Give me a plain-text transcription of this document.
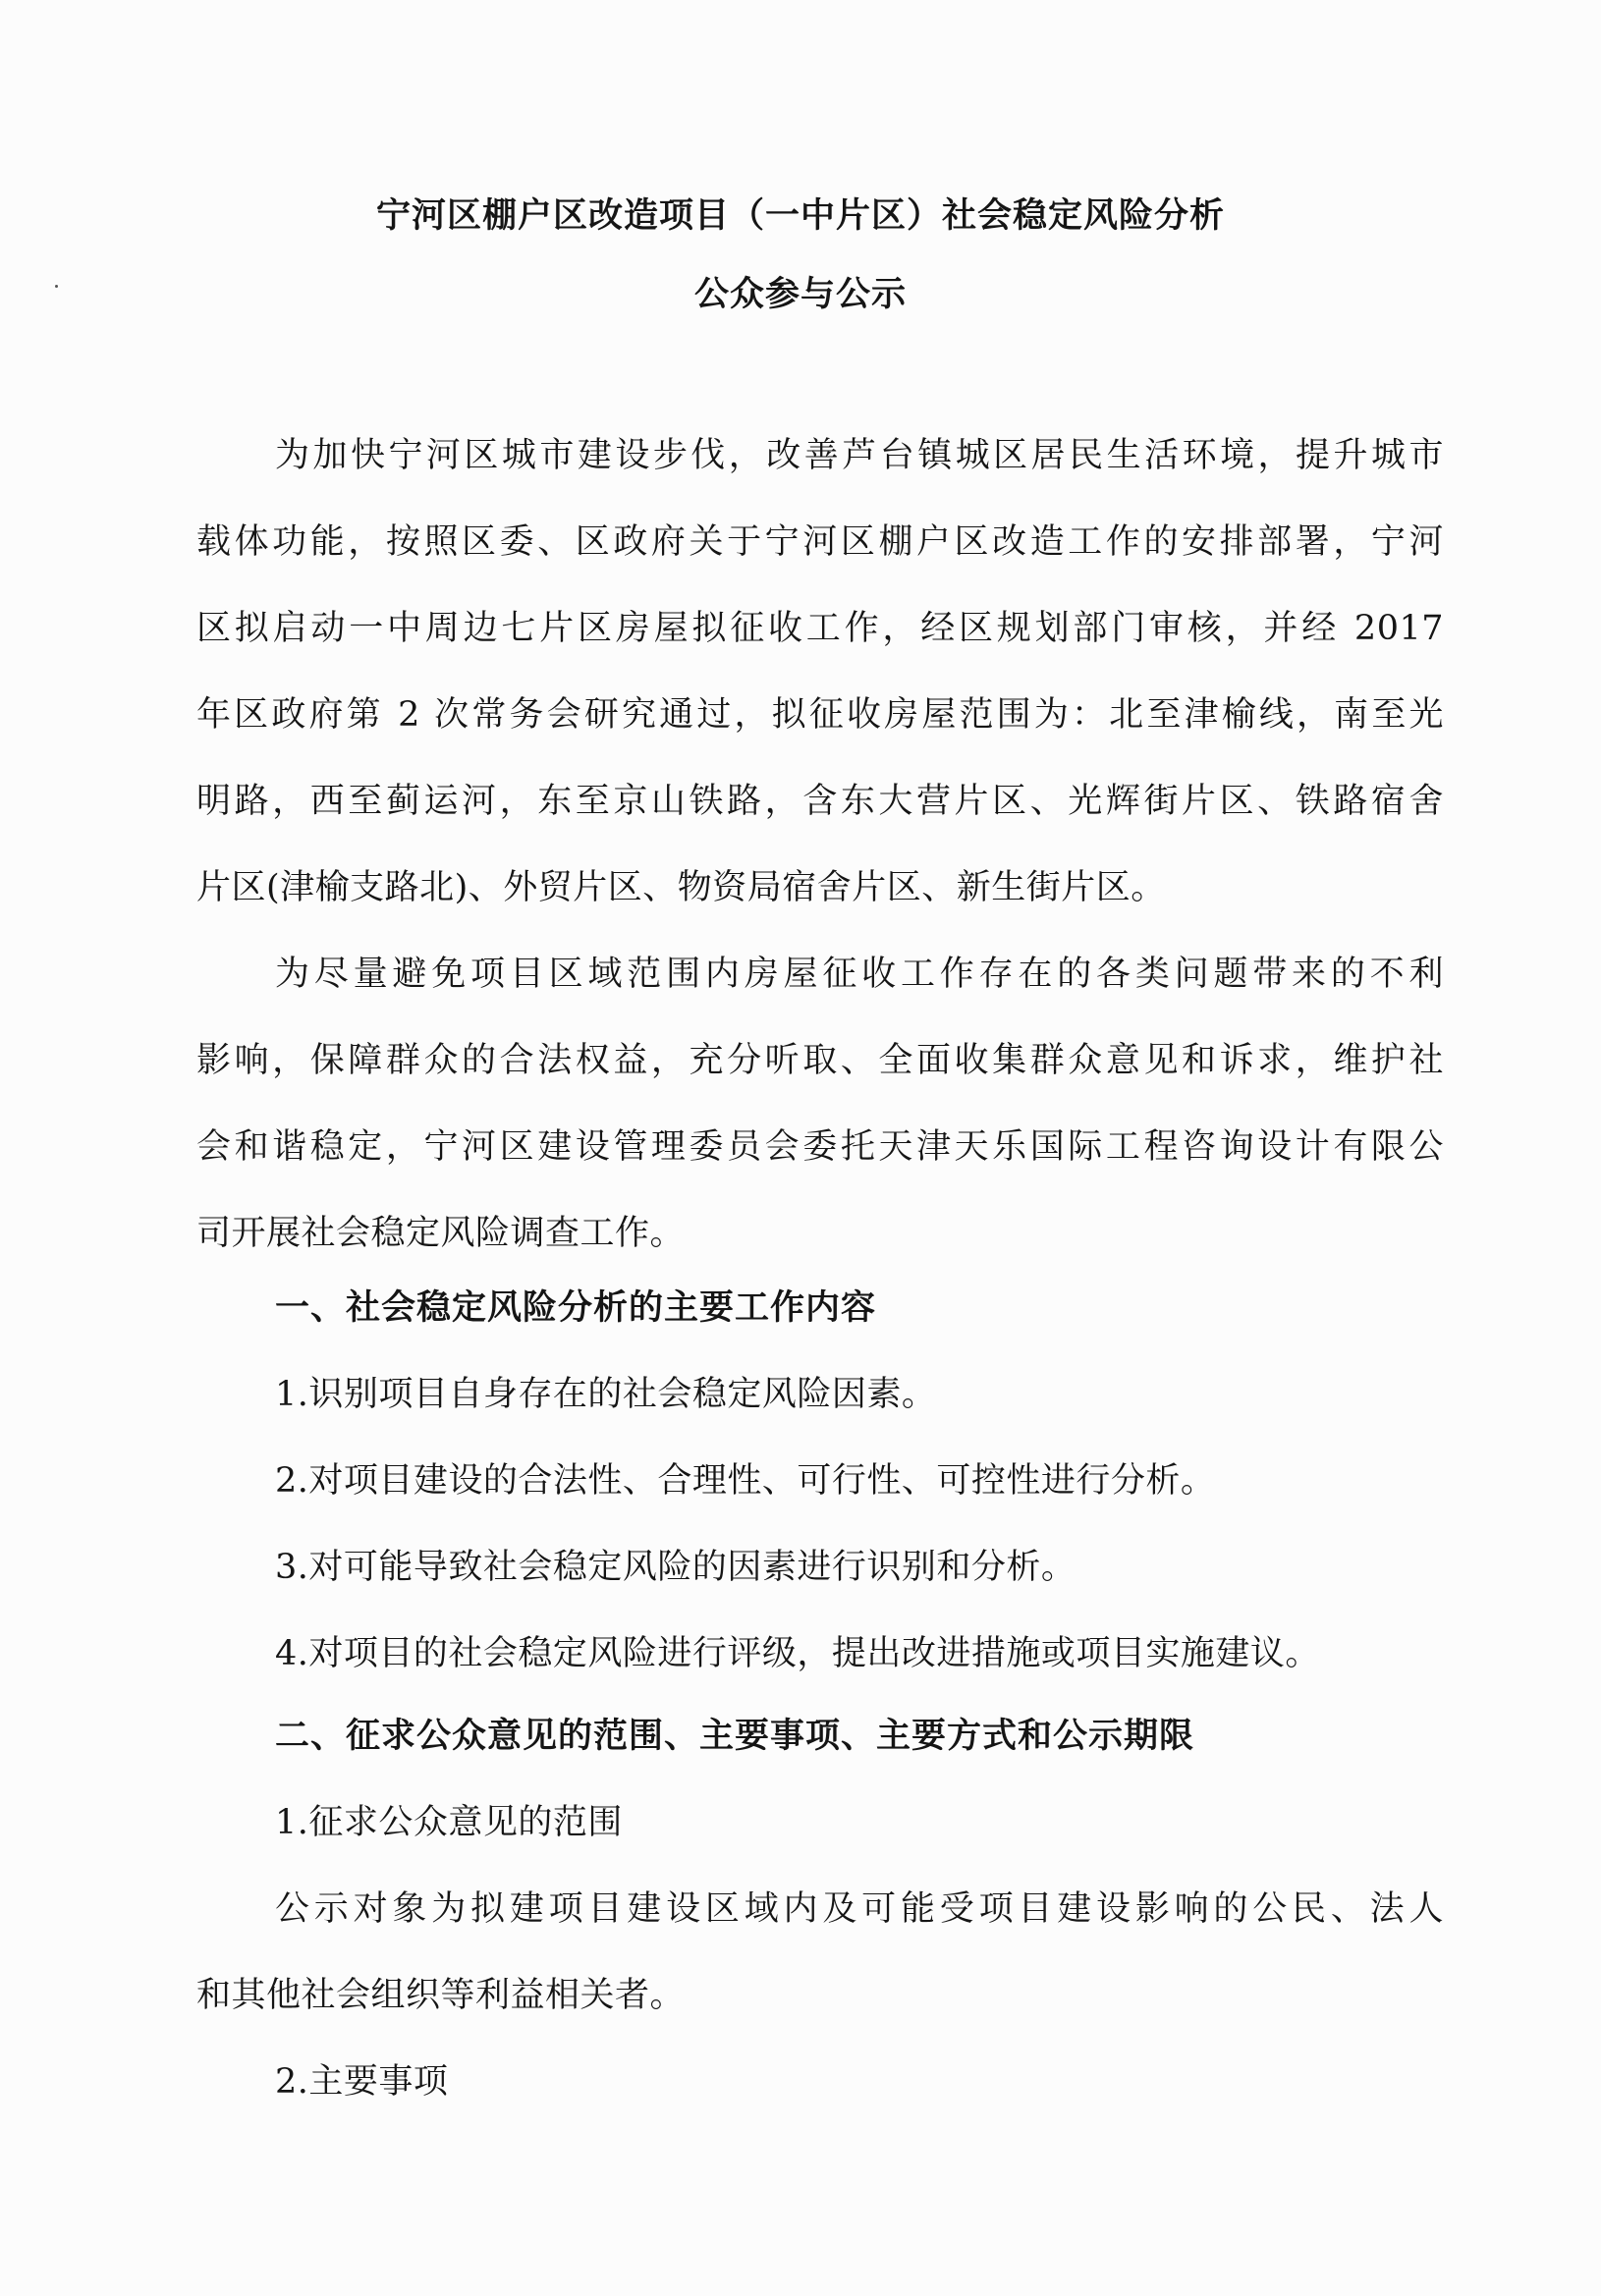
宁河区棚户区改造项目（一中片区）社会稳定风险分析
公众参与公示
为加快宁河区城市建设步伐，改善芦台镇城区居民生活环境，提升城市
载体功能，按照区委、区政府关于宁河区棚户区改造工作的安排部署，宁河
区拟启动一中周边七片区房屋拟征收工作，经区规划部门审核，并经 2017
年区政府第 2 次常务会研究通过，拟征收房屋范围为：北至津榆线，南至光
明路，西至蓟运河，东至京山铁路，含东大营片区、光辉街片区、铁路宿舍
片区(津榆支路北)、外贸片区、物资局宿舍片区、新生街片区。
为尽量避免项目区域范围内房屋征收工作存在的各类问题带来的不利
影响，保障群众的合法权益，充分听取、全面收集群众意见和诉求，维护社
会和谐稳定，宁河区建设管理委员会委托天津天乐国际工程咨询设计有限公
司开展社会稳定风险调查工作。
一、社会稳定风险分析的主要工作内容
1.识别项目自身存在的社会稳定风险因素。
2.对项目建设的合法性、合理性、可行性、可控性进行分析。
3.对可能导致社会稳定风险的因素进行识别和分析。
4.对项目的社会稳定风险进行评级，提出改进措施或项目实施建议。
二、征求公众意见的范围、主要事项、主要方式和公示期限
1.征求公众意见的范围
公示对象为拟建项目建设区域内及可能受项目建设影响的公民、法人
和其他社会组织等利益相关者。
2.主要事项
